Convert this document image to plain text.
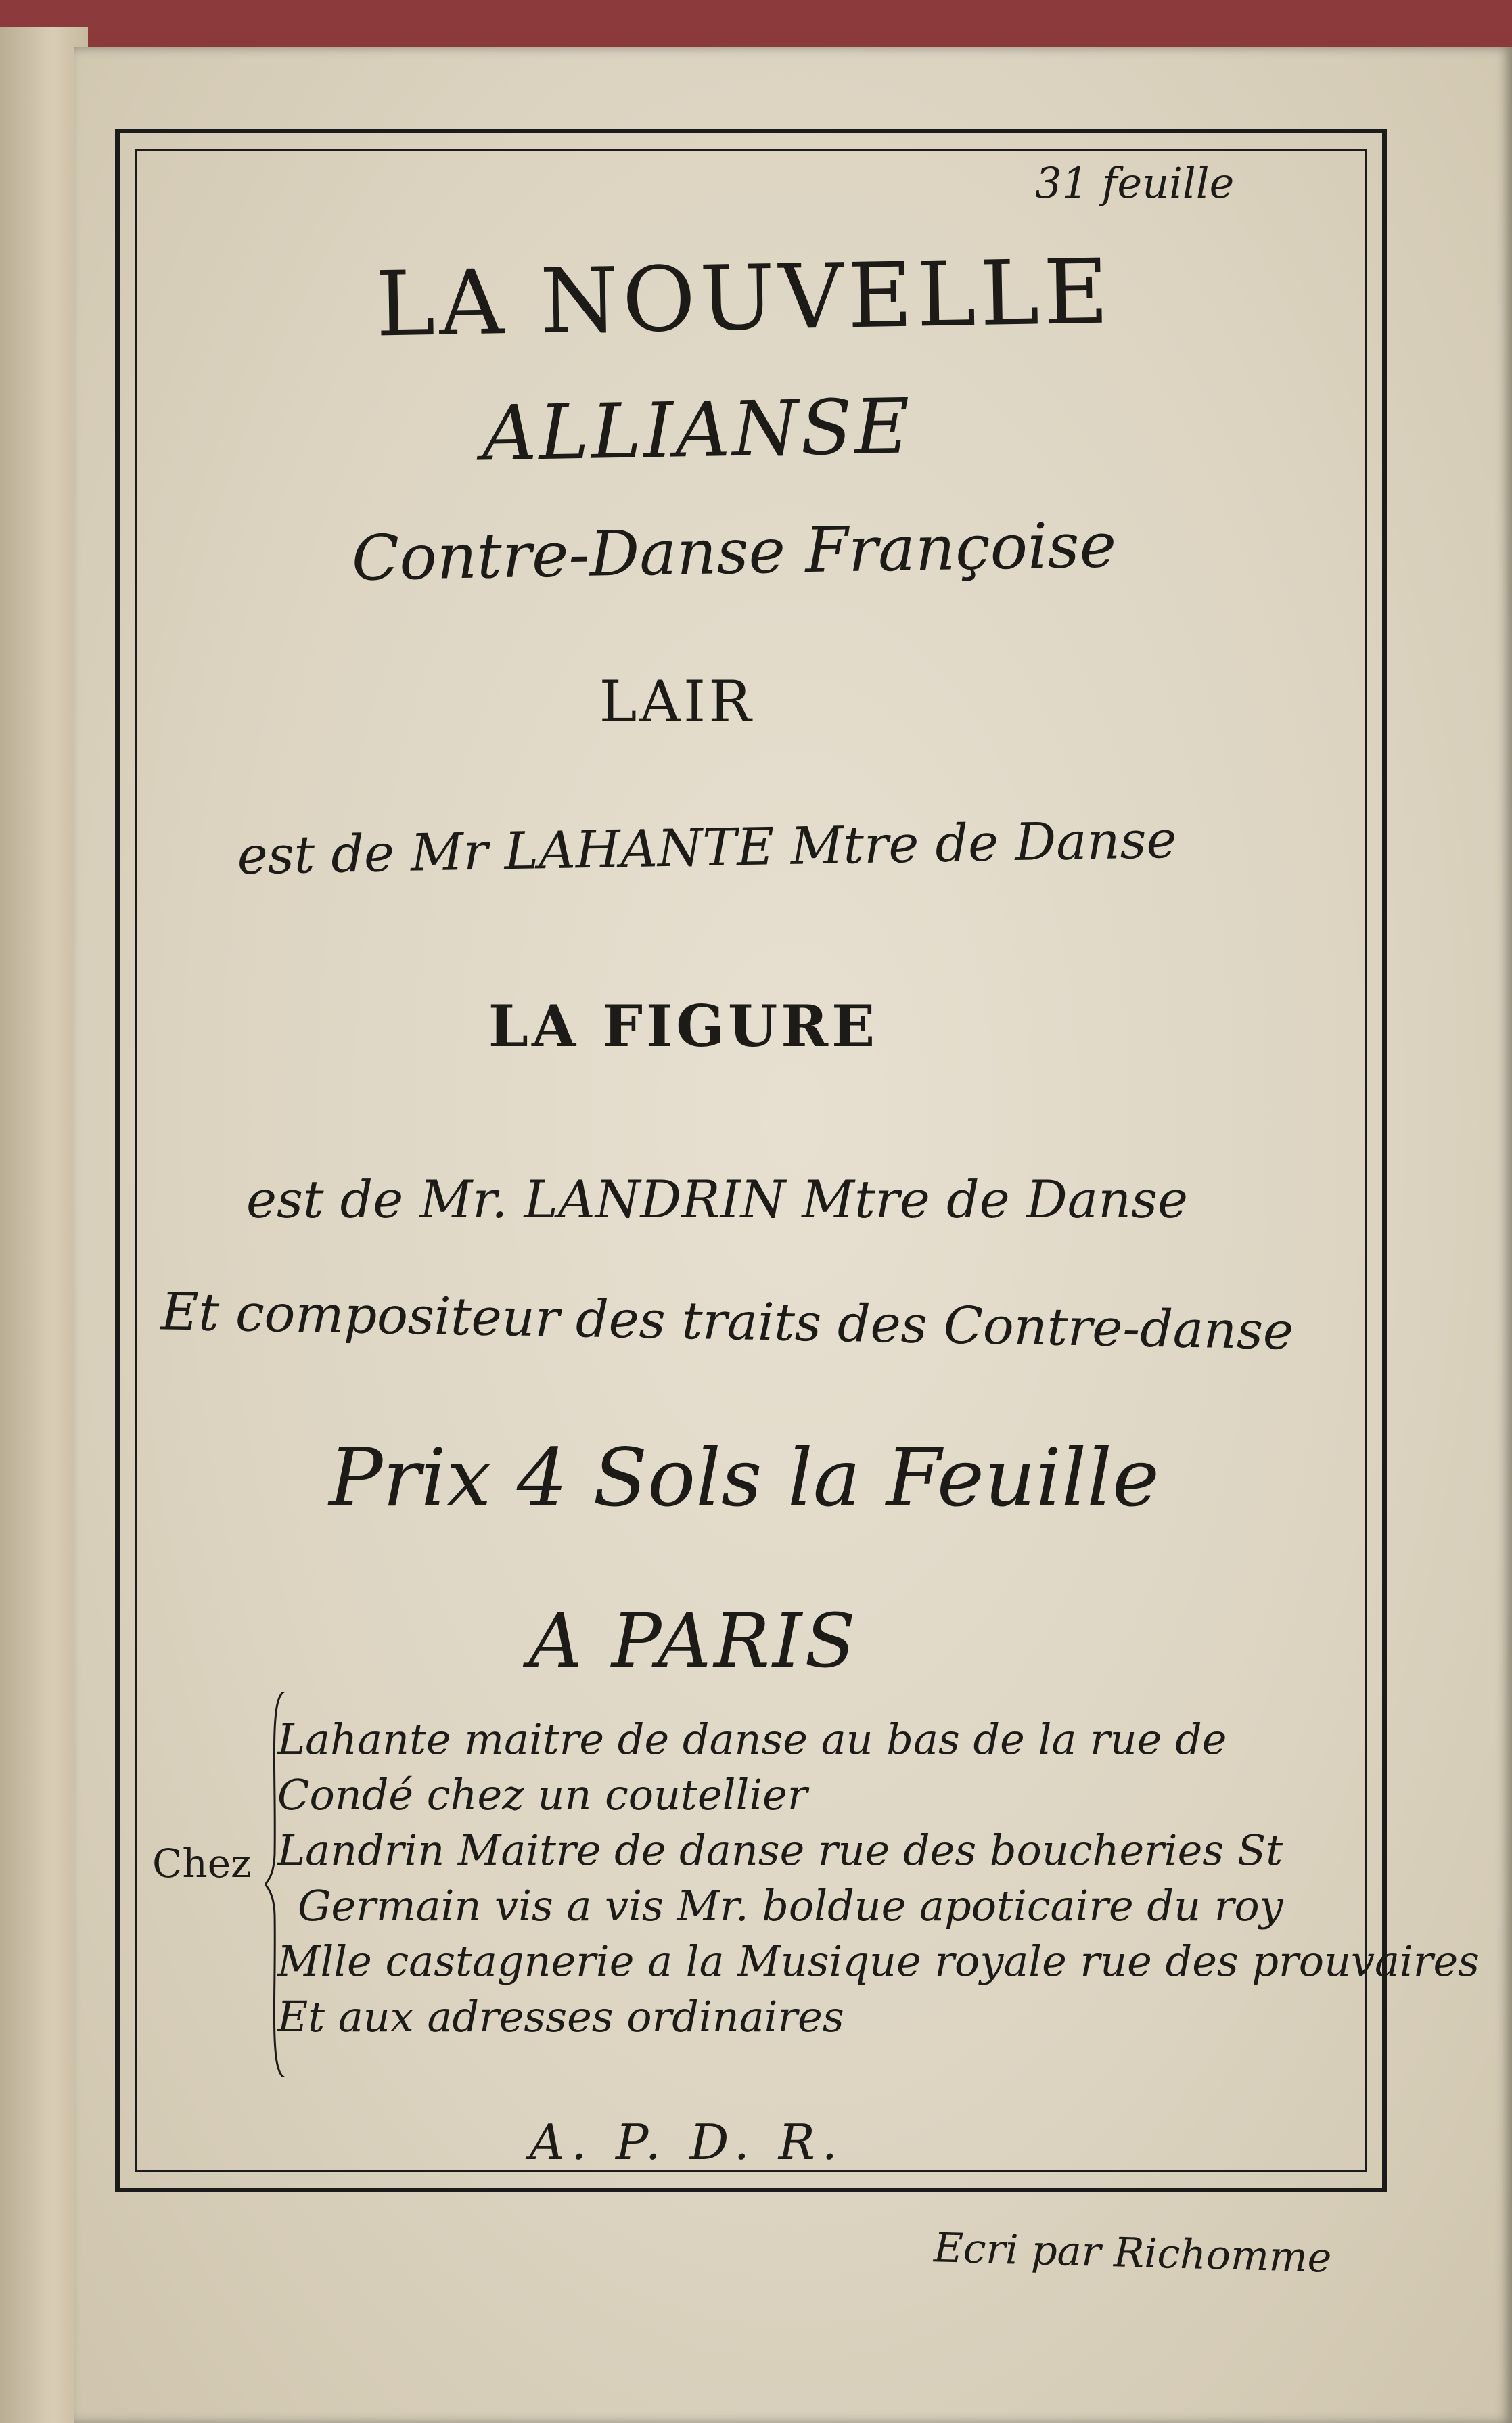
31 feuille
LA NOUVELLE
ALLIANSE
Contre-Danse Françoise
LAIR
est de Mr LAHANTE Mtre de Danse
LA FIGURE
est de Mr. LANDRIN Mtre de Danse
Et compositeur des traits des Contre-danse
Prix 4 Sols la Feuille
A PARIS
Chez
Lahante maitre de danse au bas de la rue de
Condé chez un coutellier
Landrin Maitre de danse rue des boucheries St
Germain vis a vis Mr. boldue apoticaire du roy
Mlle castagnerie a la Musique royale rue des prouvaires
Et aux adresses ordinaires
A. P. D. R.
Ecri par Richomme
